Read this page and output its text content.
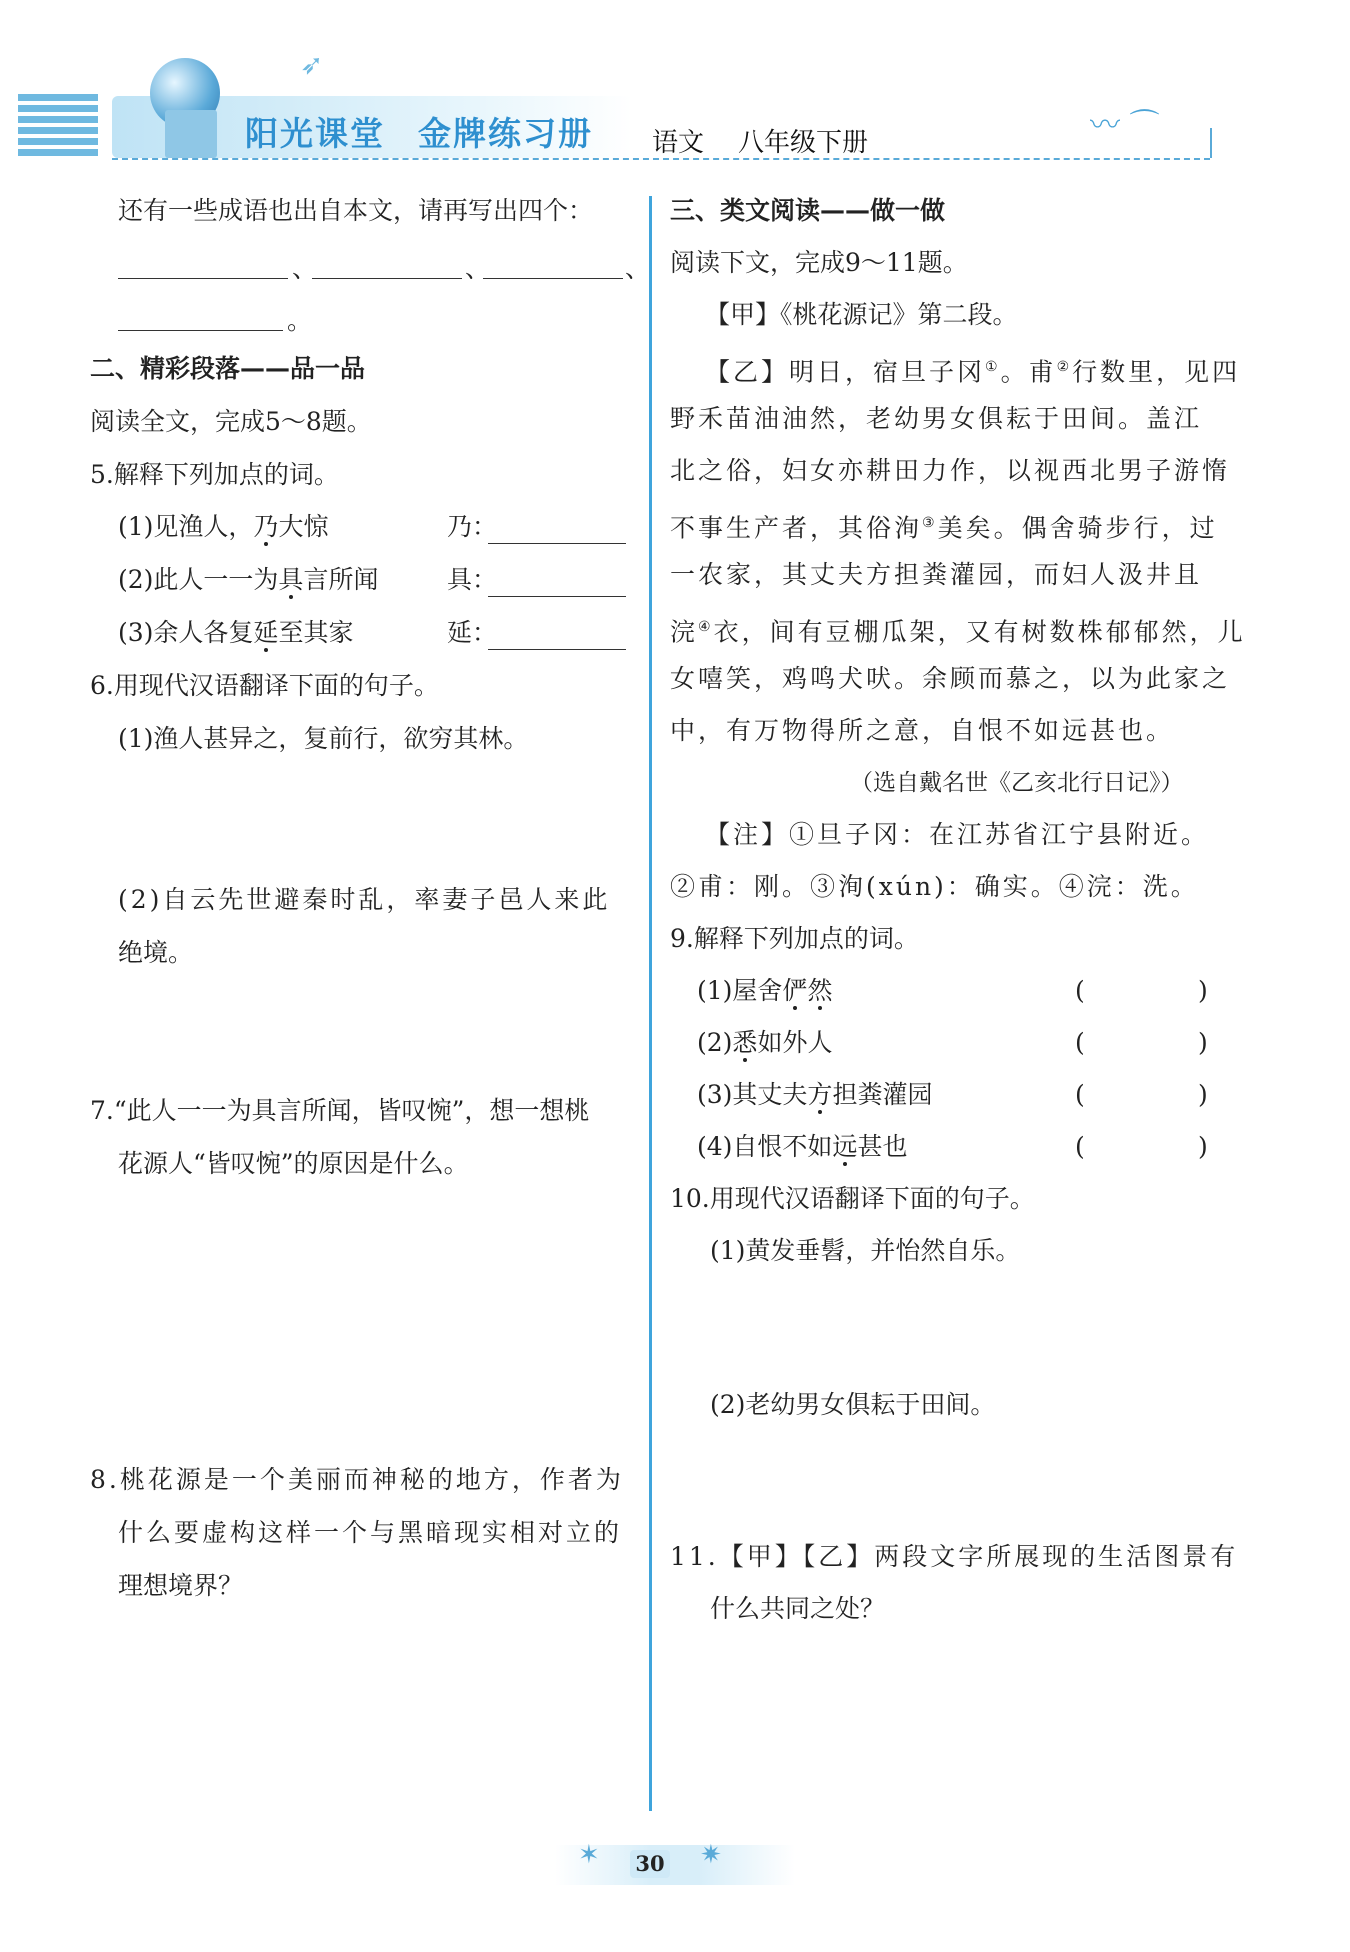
➶
阳光课堂 金牌练习册 语文 八年级下册	〰 ⌒
还有一些成语也出自本文，请再写出四个：
、	、	、
。
二、精彩段落——品一品
阅读全文，完成5～8题。
5.解释下列加点的词。
(1)见渔人，乃大惊	乃：
(2)此人一一为具言所闻	具：
(3)余人各复延至其家	延：
6.用现代汉语翻译下面的句子。
(1)渔人甚异之，复前行，欲穷其林。
(2)自云先世避秦时乱，率妻子邑人来此
绝境。
7.“此人一一为具言所闻，皆叹惋”，想一想桃
花源人“皆叹惋”的原因是什么。
8.桃花源是一个美丽而神秘的地方，作者为
什么要虚构这样一个与黑暗现实相对立的
理想境界？
三、类文阅读——做一做
阅读下文，完成9～11题。
【甲】《桃花源记》第二段。
【乙】明日，宿旦子冈①。甫②行数里，见四
野禾苗油油然，老幼男女俱耘于田间。盖江
北之俗，妇女亦耕田力作，以视西北男子游惰
不事生产者，其俗洵③美矣。偶舍骑步行，过
一农家，其丈夫方担粪灌园，而妇人汲井且
浣④衣，间有豆棚瓜架，又有树数株郁郁然，儿
女嘻笑，鸡鸣犬吠。余顾而慕之，以为此家之
中，有万物得所之意，自恨不如远甚也。
（选自戴名世《乙亥北行日记》）
【注】①旦子冈：在江苏省江宁县附近。
②甫：刚。③洵(xún)：确实。④浣：洗。
9.解释下列加点的词。
(1)屋舍俨然	(	)
(2)悉如外人	(	)
(3)其丈夫方担粪灌园	(	)
(4)自恨不如远甚也	(	)
10.用现代汉语翻译下面的句子。
(1)黄发垂髫，并怡然自乐。
(2)老幼男女俱耘于田间。
11.【甲】【乙】两段文字所展现的生活图景有
什么共同之处？
✶	✷
30
